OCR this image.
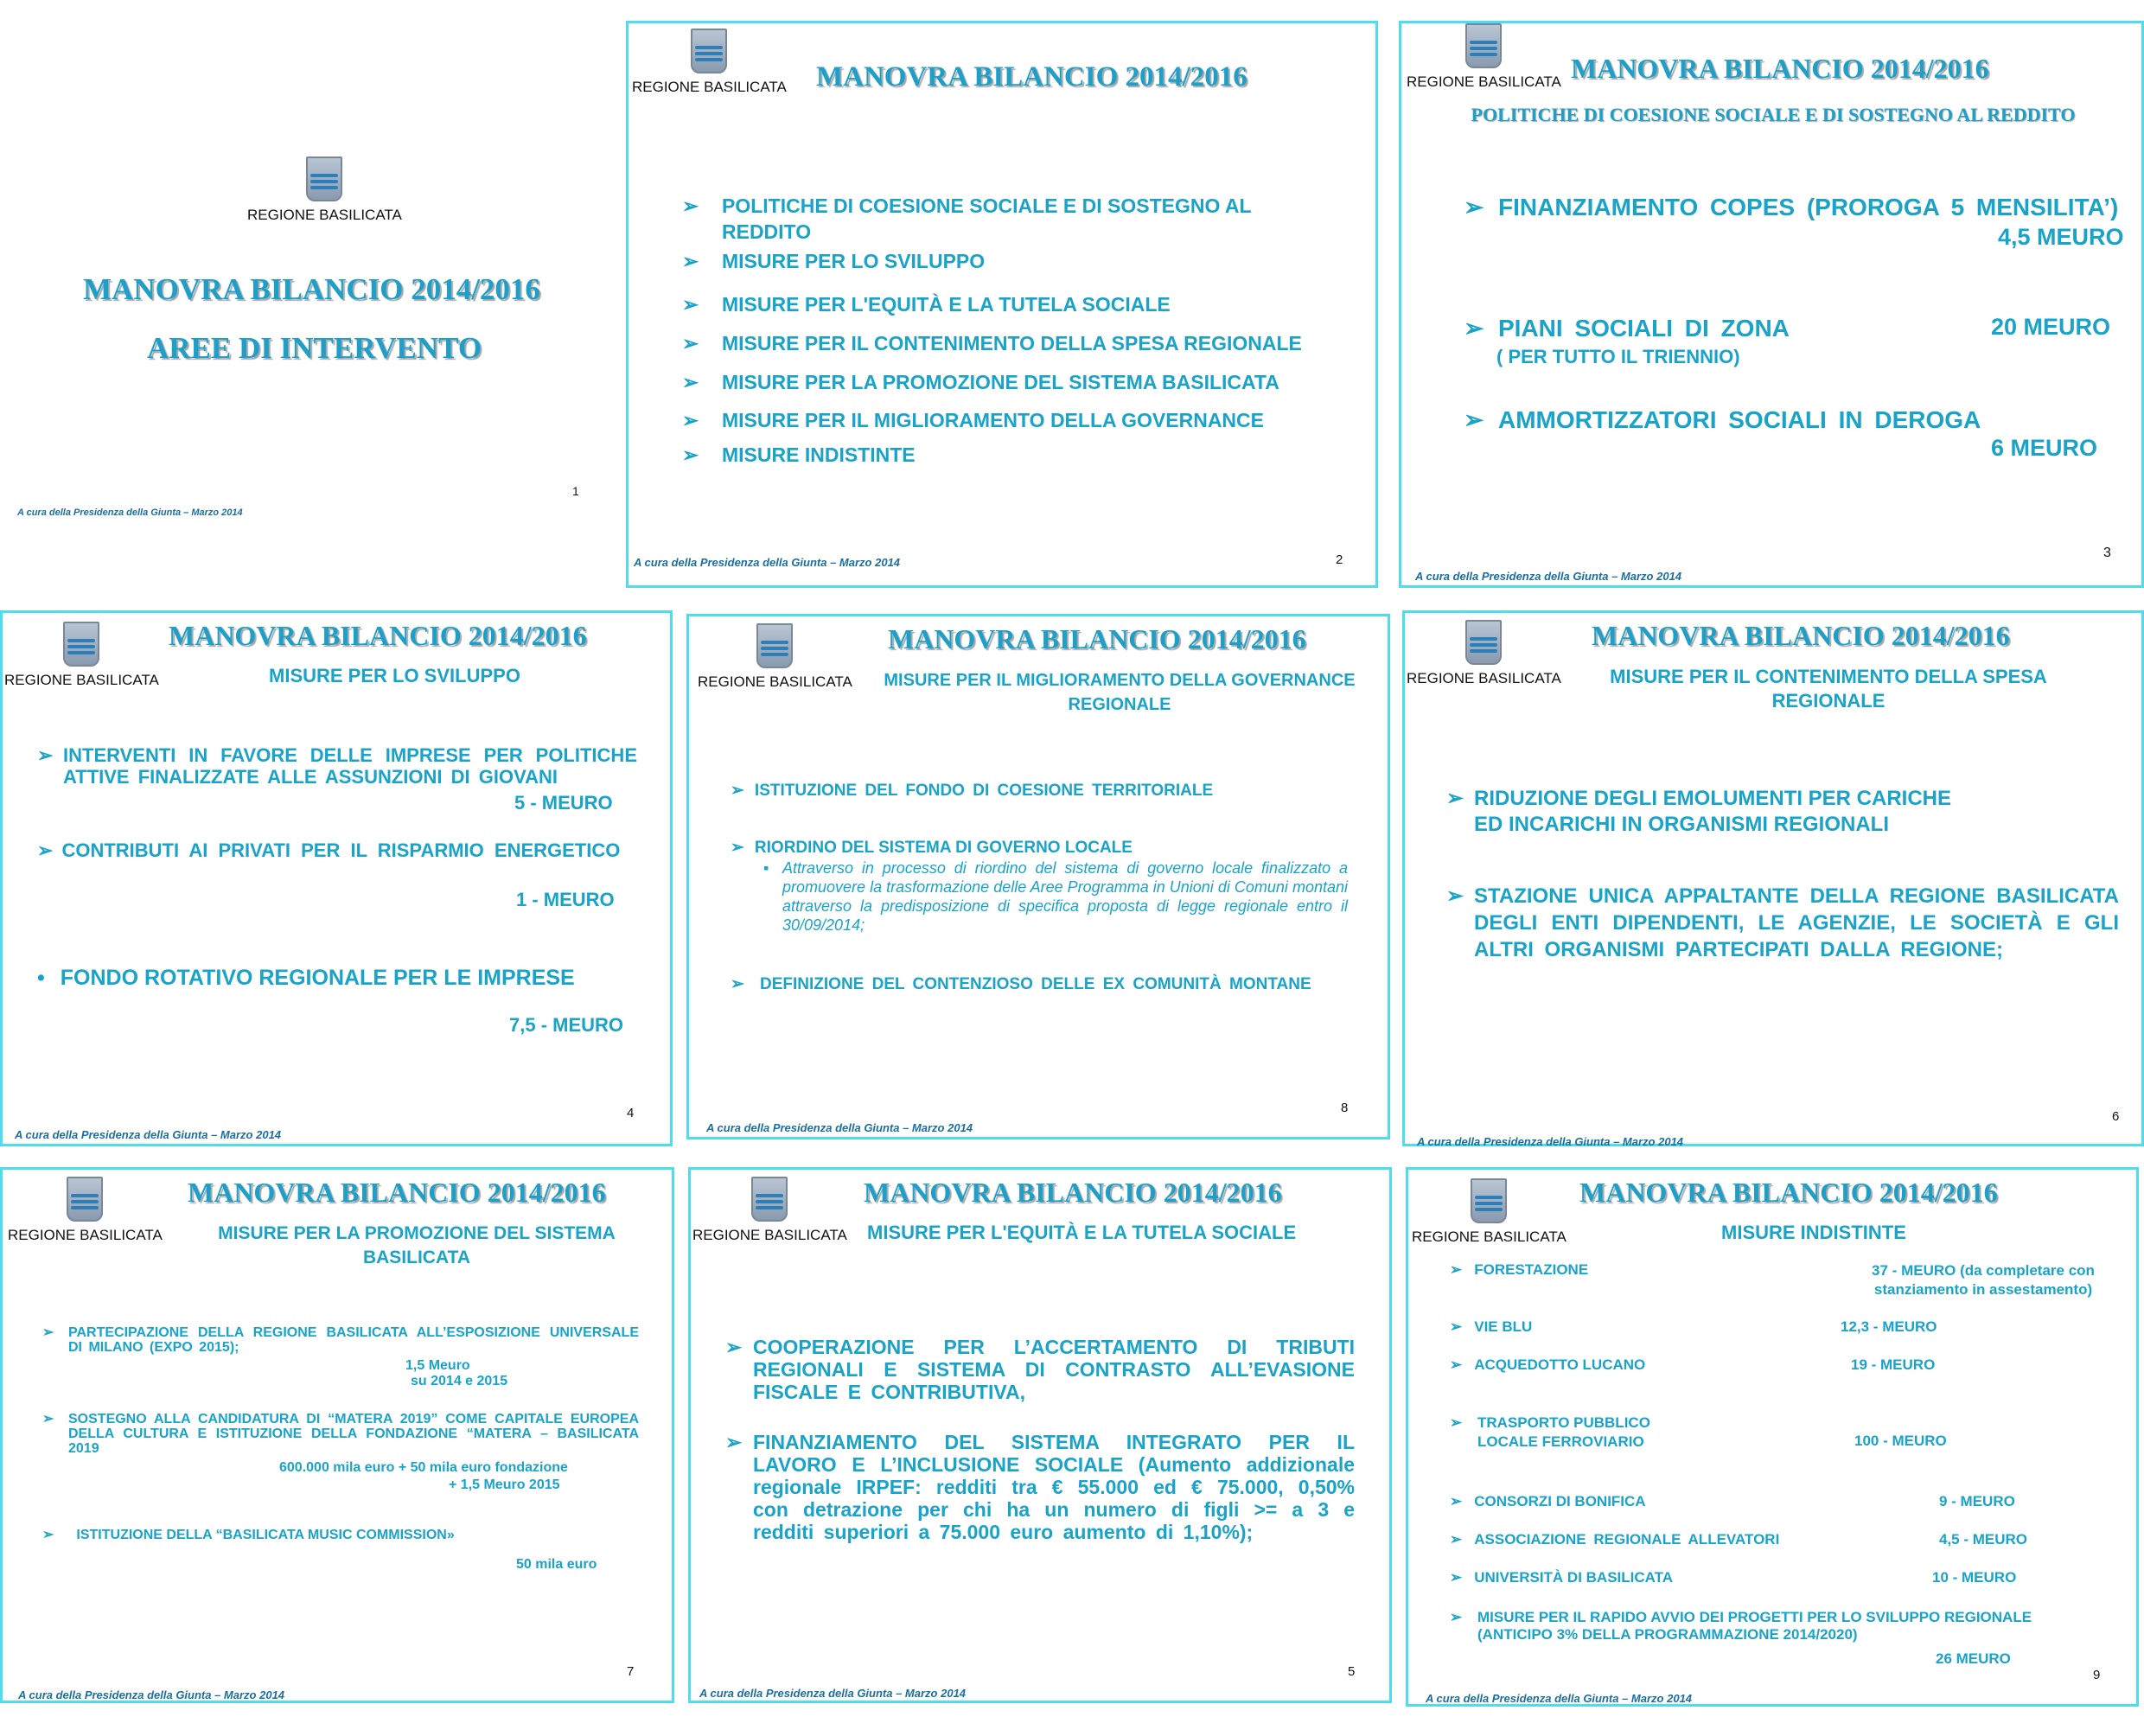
REGIONE BASILICATA
MANOVRA BILANCIO 2014/2016
AREE DI INTERVENTO
A cura della Presidenza della Giunta – Marzo 2014
1
REGIONE BASILICATA MANOVRA BILANCIO 2014/2016
➢ POLITICHE DI COESIONE SOCIALE E DI SOSTEGNO AL REDDITO
➢ MISURE PER LO SVILUPPO
➢ MISURE PER L'EQUITÀ E LA TUTELA SOCIALE
➢ MISURE PER IL CONTENIMENTO DELLA SPESA REGIONALE
➢ MISURE PER LA PROMOZIONE DEL SISTEMA BASILICATA
➢ MISURE PER IL MIGLIORAMENTO DELLA GOVERNANCE
➢ MISURE INDISTINTE
A cura della Presidenza della Giunta – Marzo 2014	2
REGIONE BASILICATA MANOVRA BILANCIO 2014/2016
POLITICHE DI COESIONE SOCIALE E DI SOSTEGNO AL REDDITO
➢ FINANZIAMENTO COPES (PROROGA 5 MENSILITA’)
4,5 MEURO
➢ PIANI SOCIALI DI ZONA	20 MEURO
( PER TUTTO IL TRIENNIO)
➢ AMMORTIZZATORI SOCIALI IN DEROGA
6 MEURO
A cura della Presidenza della Giunta – Marzo 2014
3
REGIONE BASILICATA
MANOVRA BILANCIO 2014/2016
MISURE PER LO SVILUPPO
➢ INTERVENTI IN FAVORE DELLE IMPRESE PER POLITICHE ATTIVE FINALIZZATE ALLE ASSUNZIONI DI GIOVANI
5 - MEURO
➢ CONTRIBUTI AI PRIVATI PER IL RISPARMIO ENERGETICO
1 - MEURO
• FONDO ROTATIVO REGIONALE PER LE IMPRESE
7,5 - MEURO
A cura della Presidenza della Giunta – Marzo 2014
4
REGIONE BASILICATA
MANOVRA BILANCIO 2014/2016
MISURE PER IL MIGLIORAMENTO DELLA GOVERNANCE REGIONALE
➢ ISTITUZIONE DEL FONDO DI COESIONE TERRITORIALE
➢ RIORDINO DEL SISTEMA DI GOVERNO LOCALE
▪ Attraverso in processo di riordino del sistema di governo locale finalizzato a promuovere la trasformazione delle Aree Programma in Unioni di Comuni montani attraverso la predisposizione di specifica proposta di legge regionale entro il 30/09/2014;
➢ DEFINIZIONE DEL CONTENZIOSO DELLE EX COMUNITÀ MONTANE
A cura della Presidenza della Giunta – Marzo 2014
8
REGIONE BASILICATA
MANOVRA BILANCIO 2014/2016
MISURE PER IL CONTENIMENTO DELLA SPESA REGIONALE
➢ RIDUZIONE DEGLI EMOLUMENTI PER CARICHE ED INCARICHI IN ORGANISMI REGIONALI
➢ STAZIONE UNICA APPALTANTE DELLA REGIONE BASILICATA DEGLI ENTI DIPENDENTI, LE AGENZIE, LE SOCIETÀ E GLI ALTRI ORGANISMI PARTECIPATI DALLA REGIONE;
A cura della Presidenza della Giunta – Marzo 2014
6
REGIONE BASILICATA
MANOVRA BILANCIO 2014/2016
MISURE PER LA PROMOZIONE DEL SISTEMA BASILICATA
➢ PARTECIPAZIONE DELLA REGIONE BASILICATA ALL’ESPOSIZIONE UNIVERSALE DI MILANO (EXPO 2015);
1,5 Meuro
su 2014 e 2015
➢ SOSTEGNO ALLA CANDIDATURA DI “MATERA 2019” COME CAPITALE EUROPEA DELLA CULTURA E ISTITUZIONE DELLA FONDAZIONE “MATERA – BASILICATA 2019
600.000 mila euro + 50 mila euro fondazione
+ 1,5 Meuro 2015
➢ ISTITUZIONE DELLA “BASILICATA MUSIC COMMISSION»
50 mila euro
A cura della Presidenza della Giunta – Marzo 2014
7
REGIONE BASILICATA
MANOVRA BILANCIO 2014/2016
MISURE PER L'EQUITÀ E LA TUTELA SOCIALE
➢ COOPERAZIONE PER L’ACCERTAMENTO DI TRIBUTI REGIONALI E SISTEMA DI CONTRASTO ALL’EVASIONE FISCALE E CONTRIBUTIVA,
➢ FINANZIAMENTO DEL SISTEMA INTEGRATO PER IL LAVORO E L’INCLUSIONE SOCIALE (Aumento addizionale regionale IRPEF: redditi tra € 55.000 ed € 75.000, 0,50% con detrazione per chi ha un numero di figli >= a 3 e redditi superiori a 75.000 euro aumento di 1,10%);
A cura della Presidenza della Giunta – Marzo 2014
5
REGIONE BASILICATA
MANOVRA BILANCIO 2014/2016
MISURE INDISTINTE
➢ FORESTAZIONE	37 - MEURO (da completare con stanziamento in assestamento)
➢ VIE BLU	12,3 - MEURO
➢ ACQUEDOTTO LUCANO	19 - MEURO
➢ TRASPORTO PUBBLICO LOCALE FERROVIARIO	100 - MEURO
➢ CONSORZI DI BONIFICA	9 - MEURO
➢ ASSOCIAZIONE REGIONALE ALLEVATORI	4,5 - MEURO
➢ UNIVERSITÀ DI BASILICATA	10 - MEURO
➢ MISURE PER IL RAPIDO AVVIO DEI PROGETTI PER LO SVILUPPO REGIONALE (ANTICIPO 3% DELLA PROGRAMMAZIONE 2014/2020)
26 MEURO
A cura della Presidenza della Giunta – Marzo 2014
9
